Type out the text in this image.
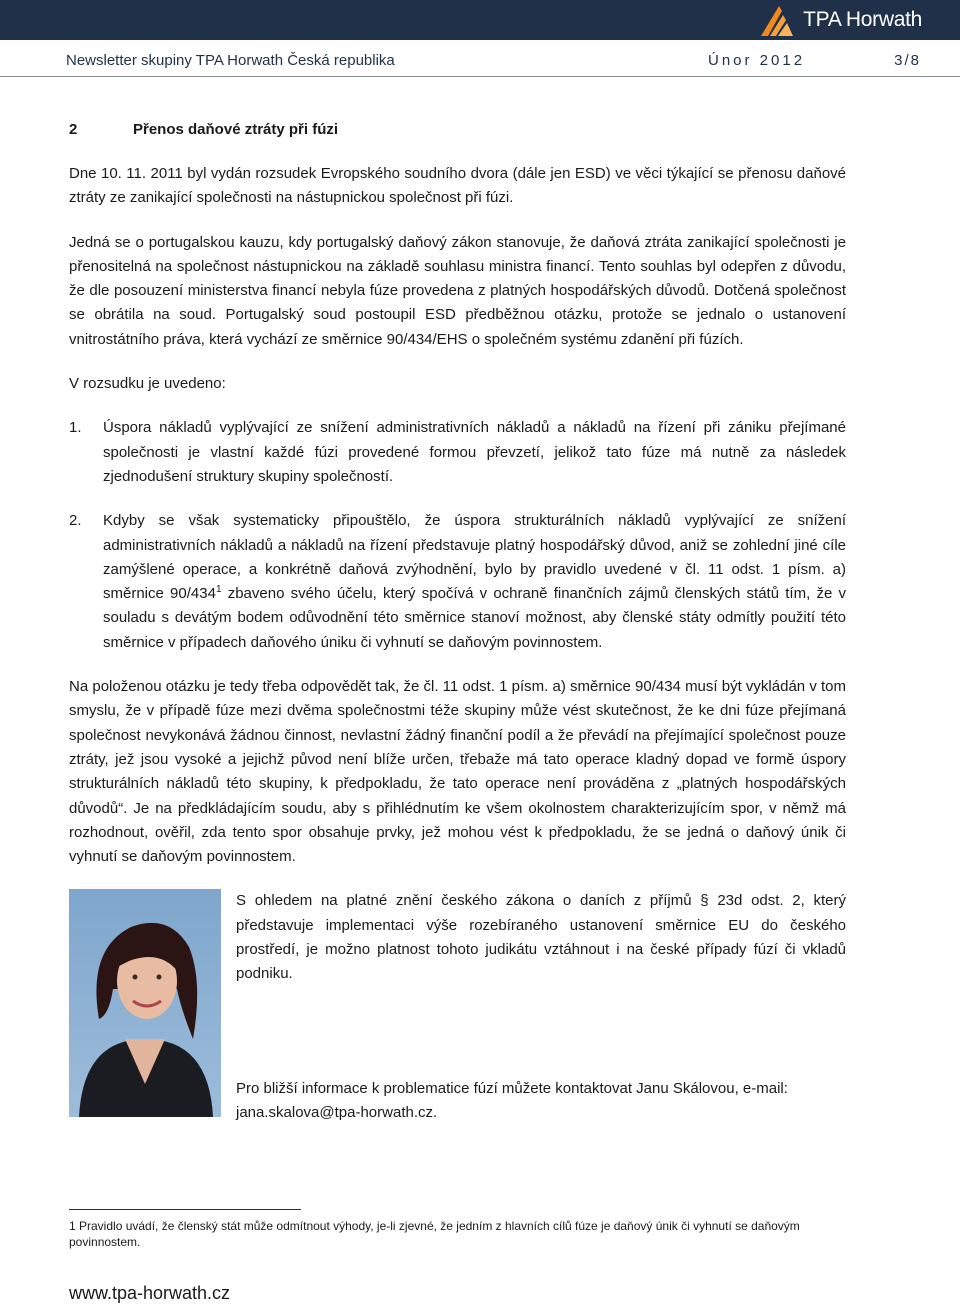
TPA Horwath
Newsletter skupiny TPA Horwath Česká republika	Únor 2012	3/8
2	Přenos daňové ztráty při fúzi

Dne 10. 11. 2011 byl vydán rozsudek Evropského soudního dvora (dále jen ESD) ve věci týkající se přenosu daňové ztráty ze zanikající společnosti na nástupnickou společnost při fúzi.

Jedná se o portugalskou kauzu, kdy portugalský daňový zákon stanovuje, že daňová ztráta zanikající společnosti je přenositelná na společnost nástupnickou na základě souhlasu ministra financí. Tento souhlas byl odepřen z důvodu, že dle posouzení ministerstva financí nebyla fúze provedena z platných hospodářských důvodů. Dotčená společnost se obrátila na soud. Portugalský soud postoupil ESD předběžnou otázku, protože se jednalo o ustanovení vnitrostátního práva, která vychází ze směrnice 90/434/EHS o společném systému zdanění při fúzích.

V rozsudku je uvedeno:

1.	Úspora nákladů vyplývající ze snížení administrativních nákladů a nákladů na řízení při zániku přejímané společnosti je vlastní každé fúzi provedené formou převzetí, jelikož tato fúze má nutně za následek zjednodušení struktury skupiny společností.
2.	Kdyby se však systematicky připouštělo, že úspora strukturálních nákladů vyplývající ze snížení administrativních nákladů a nákladů na řízení představuje platný hospodářský důvod, aniž se zohlední jiné cíle zamýšlené operace, a konkrétně daňová zvýhodnění, bylo by pravidlo uvedené v čl. 11 odst. 1 písm. a) směrnice $90/434^1$ zbaveno svého účelu, který spočívá v ochraně finančních zájmů členských států tím, že v souladu s devátým bodem odůvodnění této směrnice stanoví možnost, aby členské státy odmítly použití této směrnice v případech daňového úniku či vyhnutí se daňovým povinnostem.

Na položenou otázku je tedy třeba odpovědět tak, že čl. 11 odst. 1 písm. a) směrnice 90/434 musí být vykládán v tom smyslu, že v případě fúze mezi dvěma společnostmi téže skupiny může vést skutečnost, že ke dni fúze přejímaná společnost nevykonává žádnou činnost, nevlastní žádný finanční podíl a že převádí na přejímající společnost pouze ztráty, jež jsou vysoké a jejichž původ není blíže určen, třebaže má tato operace kladný dopad ve formě úspory strukturálních nákladů této skupiny, k předpokladu, že tato operace není prováděna z „platných hospodářských důvodů“. Je na předkládajícím soudu, aby s přihlédnutím ke všem okolnostem charakterizujícím spor, v němž má rozhodnout, ověřil, zda tento spor obsahuje prvky, jež mohou vést k předpokladu, že se jedná o daňový únik či vyhnutí se daňovým povinnostem.

S ohledem na platné znění českého zákona o daních z příjmů § 23d odst. 2, který představuje implementaci výše rozebíraného ustanovení směrnice EU do českého prostředí, je možno platnost tohoto judikátu vztáhnout i na české případy fúzí či vkladů podniku.

Pro bližší informace k problematice fúzí můžete kontaktovat Janu Skálovou, e-mail: jana.skalova@tpa-horwath.cz.

1 Pravidlo uvádí, že členský stát může odmítnout výhody, je-li zjevné, že jedním z hlavních cílů fúze je daňový únik či vyhnutí se daňovým povinnostem.
www.tpa-horwath.cz
